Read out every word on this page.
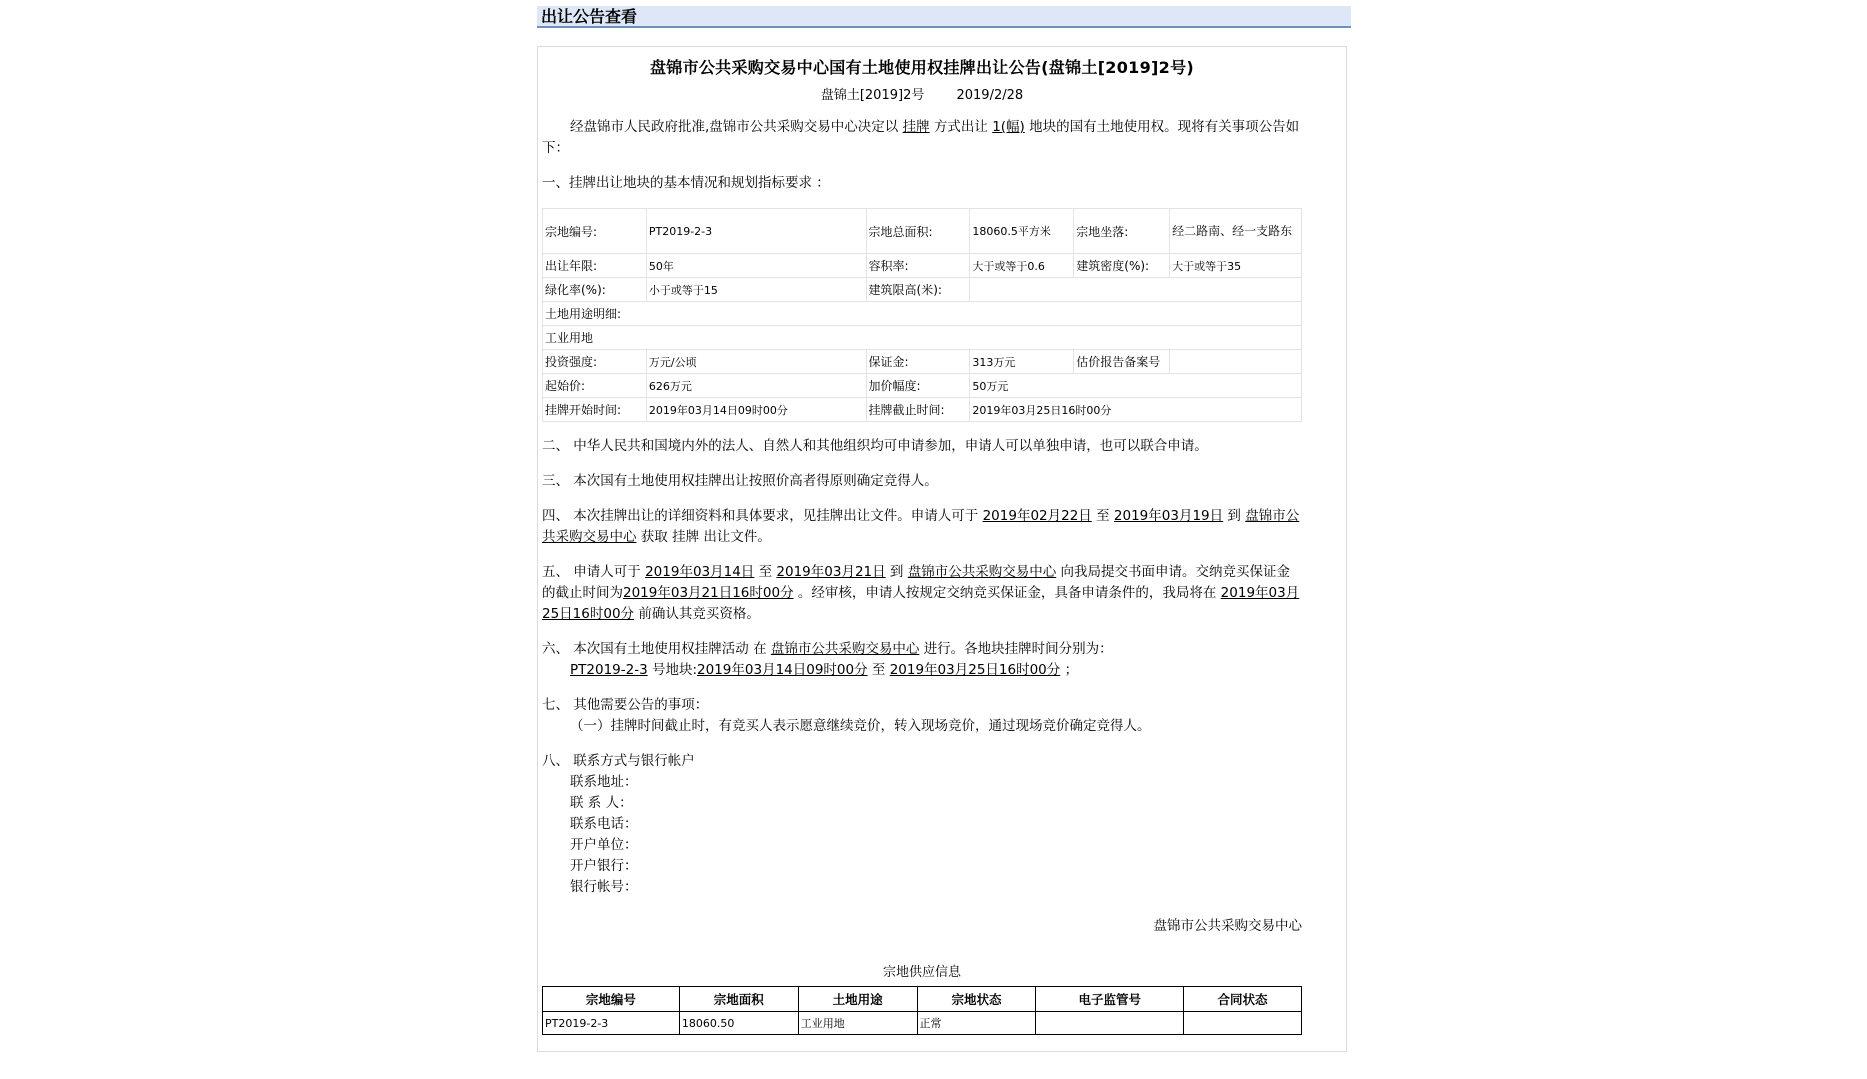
出让公告查看
盘锦市公共采购交易中心国有土地使用权挂牌出让公告(盘锦土[2019]2号)
盘锦土[2019]2号 2019/2/28

经盘锦市人民政府批准,盘锦市公共采购交易中心决定以 挂牌 方式出让 1(幅) 地块的国有土地使用权。现将有关事项公告如下：

一、挂牌出让地块的基本情况和规划指标要求 ：

宗地编号:	PT2019-2-3	宗地总面积:	18060.5平方米	宗地坐落:	经二路南、经一支路东
出让年限:	50年	容积率:	大于或等于0.6	建筑密度(%):	大于或等于35
绿化率(%):	小于或等于15	建筑限高(米):			
土地用途明细:					
工业用地					
投资强度:	万元/公顷	保证金:	313万元	估价报告备案号	
起始价:	626万元	加价幅度:	50万元		
挂牌开始时间:	2019年03月14日09时00分	挂牌截止时间:	2019年03月25日16时00分		

二、 中华人民共和国境内外的法人、自然人和其他组织均可申请参加，申请人可以单独申请，也可以联合申请。

三、 本次国有土地使用权挂牌出让按照价高者得原则确定竞得人。

四、 本次挂牌出让的详细资料和具体要求，见挂牌出让文件。申请人可于 2019年02月22日 至 2019年03月19日 到 盘锦市公共采购交易中心 获取 挂牌 出让文件。

五、 申请人可于 2019年03月14日 至 2019年03月21日 到 盘锦市公共采购交易中心 向我局提交书面申请。交纳竞买保证金的截止时间为2019年03月21日16时00分 。经审核，申请人按规定交纳竞买保证金，具备申请条件的，我局将在 2019年03月25日16时00分 前确认其竞买资格。

六、 本次国有土地使用权挂牌活动 在 盘锦市公共采购交易中心 进行。各地块挂牌时间分别为：

PT2019-2-3 号地块:2019年03月14日09时00分 至 2019年03月25日16时00分 ；

七、 其他需要公告的事项：

（一）挂牌时间截止时，有竞买人表示愿意继续竞价，转入现场竞价，通过现场竞价确定竞得人。

八、 联系方式与银行帐户

联系地址：

联 系 人：

联系电话：

开户单位：

开户银行：

银行帐号：

盘锦市公共采购交易中心

宗地供应信息
宗地编号	宗地面积	土地用途	宗地状态	电子监管号	合同状态
PT2019-2-3	18060.50	工业用地	正常		
